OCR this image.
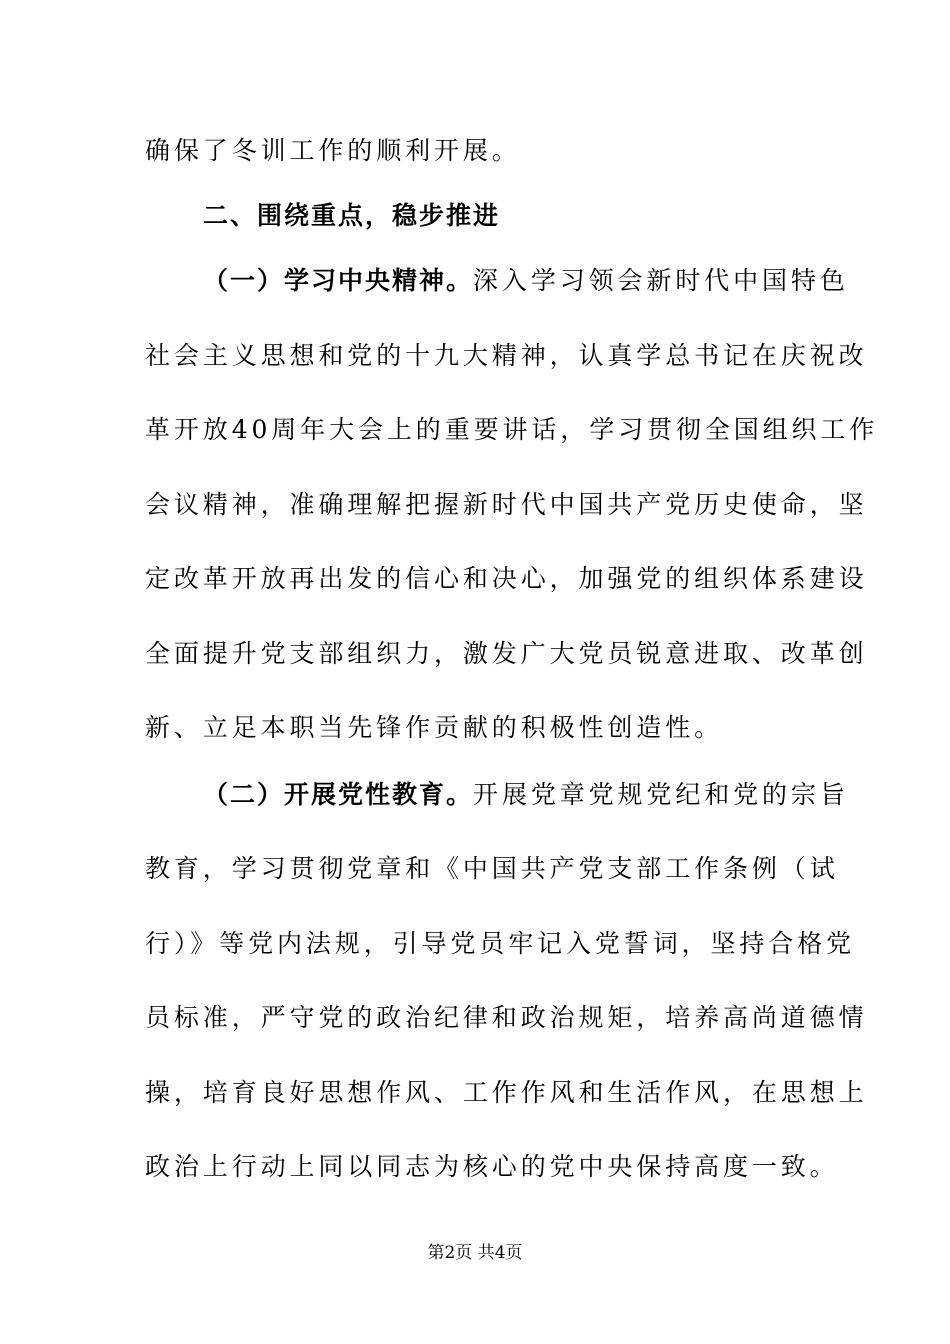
确保了冬训工作的顺利开展。
二、围绕重点，稳步推进
（一）学习中央精神。深入学习领会新时代中国特色
社会主义思想和党的十九大精神，认真学总书记在庆祝改
革开放40周年大会上的重要讲话，学习贯彻全国组织工作
会议精神，准确理解把握新时代中国共产党历史使命，坚
定改革开放再出发的信心和决心，加强党的组织体系建设
全面提升党支部组织力，激发广大党员锐意进取、改革创
新、立足本职当先锋作贡献的积极性创造性。
（二）开展党性教育。开展党章党规党纪和党的宗旨
教育，学习贯彻党章和《中国共产党支部工作条例（试
行）》等党内法规，引导党员牢记入党誓词，坚持合格党
员标准，严守党的政治纪律和政治规矩，培养高尚道德情
操，培育良好思想作风、工作作风和生活作风，在思想上
政治上行动上同以同志为核心的党中央保持高度一致。
第2页 共4页
